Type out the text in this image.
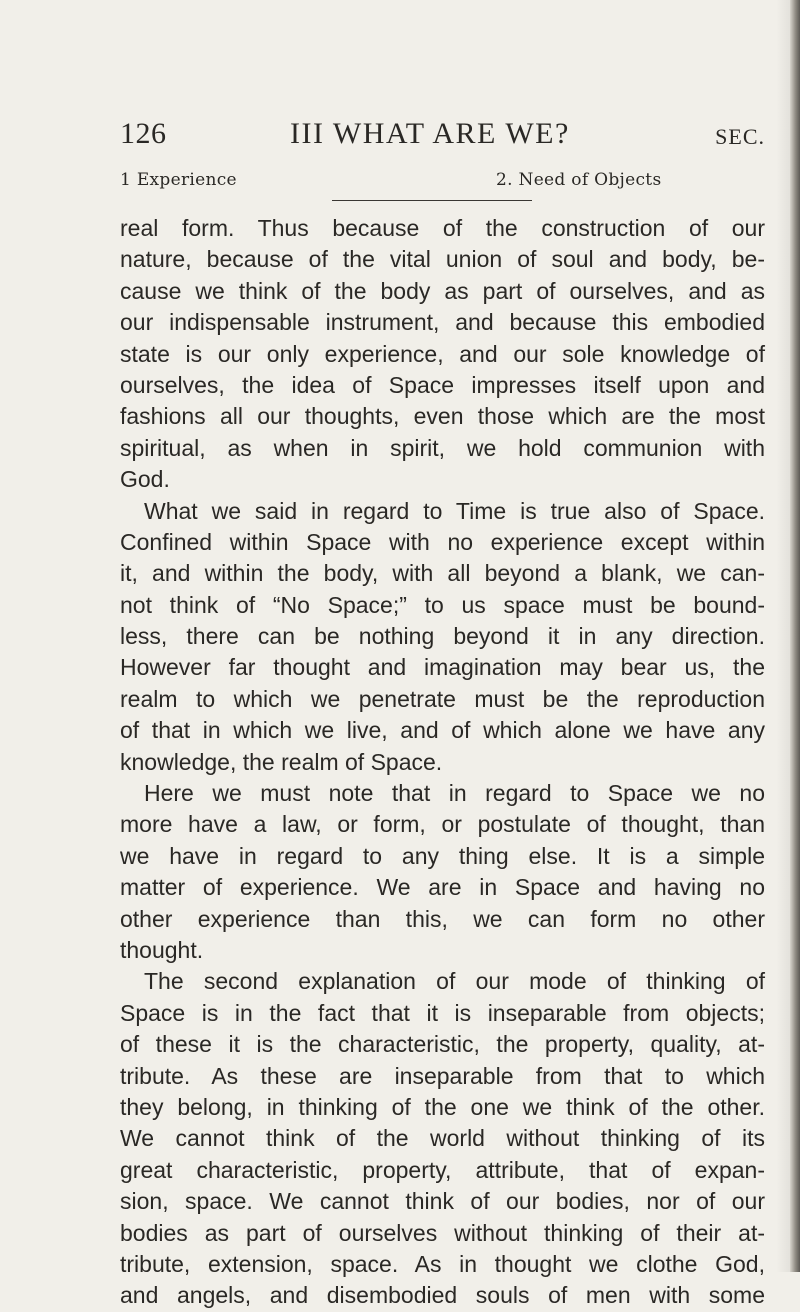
126	III WHAT ARE WE?	SEC.
1 Experience	2. Need of Objects
real form. Thus because of the construction of our
nature, because of the vital union of soul and body, be-
cause we think of the body as part of ourselves, and as
our indispensable instrument, and because this embodied
state is our only experience, and our sole knowledge of
ourselves, the idea of Space impresses itself upon and
fashions all our thoughts, even those which are the most
spiritual, as when in spirit, we hold communion with
God.
What we said in regard to Time is true also of Space.
Confined within Space with no experience except within
it, and within the body, with all beyond a blank, we can-
not think of “No Space;” to us space must be bound-
less, there can be nothing beyond it in any direction.
However far thought and imagination may bear us, the
realm to which we penetrate must be the reproduction
of that in which we live, and of which alone we have any
knowledge, the realm of Space.
Here we must note that in regard to Space we no
more have a law, or form, or postulate of thought, than
we have in regard to any thing else. It is a simple
matter of experience. We are in Space and having no
other experience than this, we can form no other
thought.
The second explanation of our mode of thinking of
Space is in the fact that it is inseparable from objects;
of these it is the characteristic, the property, quality, at-
tribute. As these are inseparable from that to which
they belong, in thinking of the one we think of the other.
We cannot think of the world without thinking of its
great characteristic, property, attribute, that of expan-
sion, space. We cannot think of our bodies, nor of our
bodies as part of ourselves without thinking of their at-
tribute, extension, space. As in thought we clothe God,
and angels, and disembodied souls of men with some
